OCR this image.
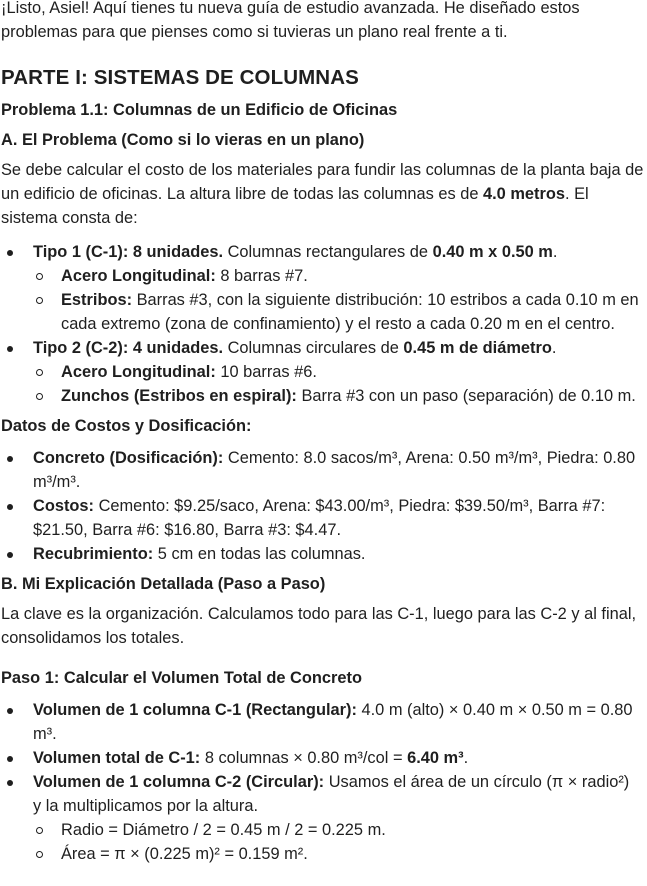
¡Listo, Asiel! Aquí tienes tu nueva guía de estudio avanzada. He diseñado estos problemas para que pienses como si tuvieras un plano real frente a ti.

PARTE I: SISTEMAS DE COLUMNAS
Problema 1.1: Columnas de un Edificio de Oficinas
A. El Problema (Como si lo vieras en un plano)

Se debe calcular el costo de los materiales para fundir las columnas de la planta baja de un edificio de oficinas. La altura libre de todas las columnas es de 4.0 metros. El sistema consta de:

Tipo 1 (C-1): 8 unidades. Columnas rectangulares de 0.40 m x 0.50 m.
Acero Longitudinal: 8 barras #7.
Estribos: Barras #3, con la siguiente distribución: 10 estribos a cada 0.10 m en cada extremo (zona de confinamiento) y el resto a cada 0.20 m en el centro.
Tipo 2 (C-2): 4 unidades. Columnas circulares de 0.45 m de diámetro.
Acero Longitudinal: 10 barras #6.
Zunchos (Estribos en espiral): Barra #3 con un paso (separación) de 0.10 m.
Datos de Costos y Dosificación:
Concreto (Dosificación): Cemento: 8.0 sacos/m³, Arena: 0.50 m³/m³, Piedra: 0.80 m³/m³.
Costos: Cemento: $9.25/saco, Arena: $43.00/m³, Piedra: $39.50/m³, Barra #7: $21.50, Barra #6: $16.80, Barra #3: $4.47.
Recubrimiento: 5 cm en todas las columnas.
B. Mi Explicación Detallada (Paso a Paso)

La clave es la organización. Calculamos todo para las C-1, luego para las C-2 y al final, consolidamos los totales.

Paso 1: Calcular el Volumen Total de Concreto
Volumen de 1 columna C-1 (Rectangular): 4.0 m (alto) × 0.40 m × 0.50 m = 0.80 m³.
Volumen total de C-1: 8 columnas × 0.80 m³/col = 6.40 m³.
Volumen de 1 columna C-2 (Circular): Usamos el área de un círculo (π × radio²) y la multiplicamos por la altura.
Radio = Diámetro / 2 = 0.45 m / 2 = 0.225 m.
Área = π × (0.225 m)² = 0.159 m².
